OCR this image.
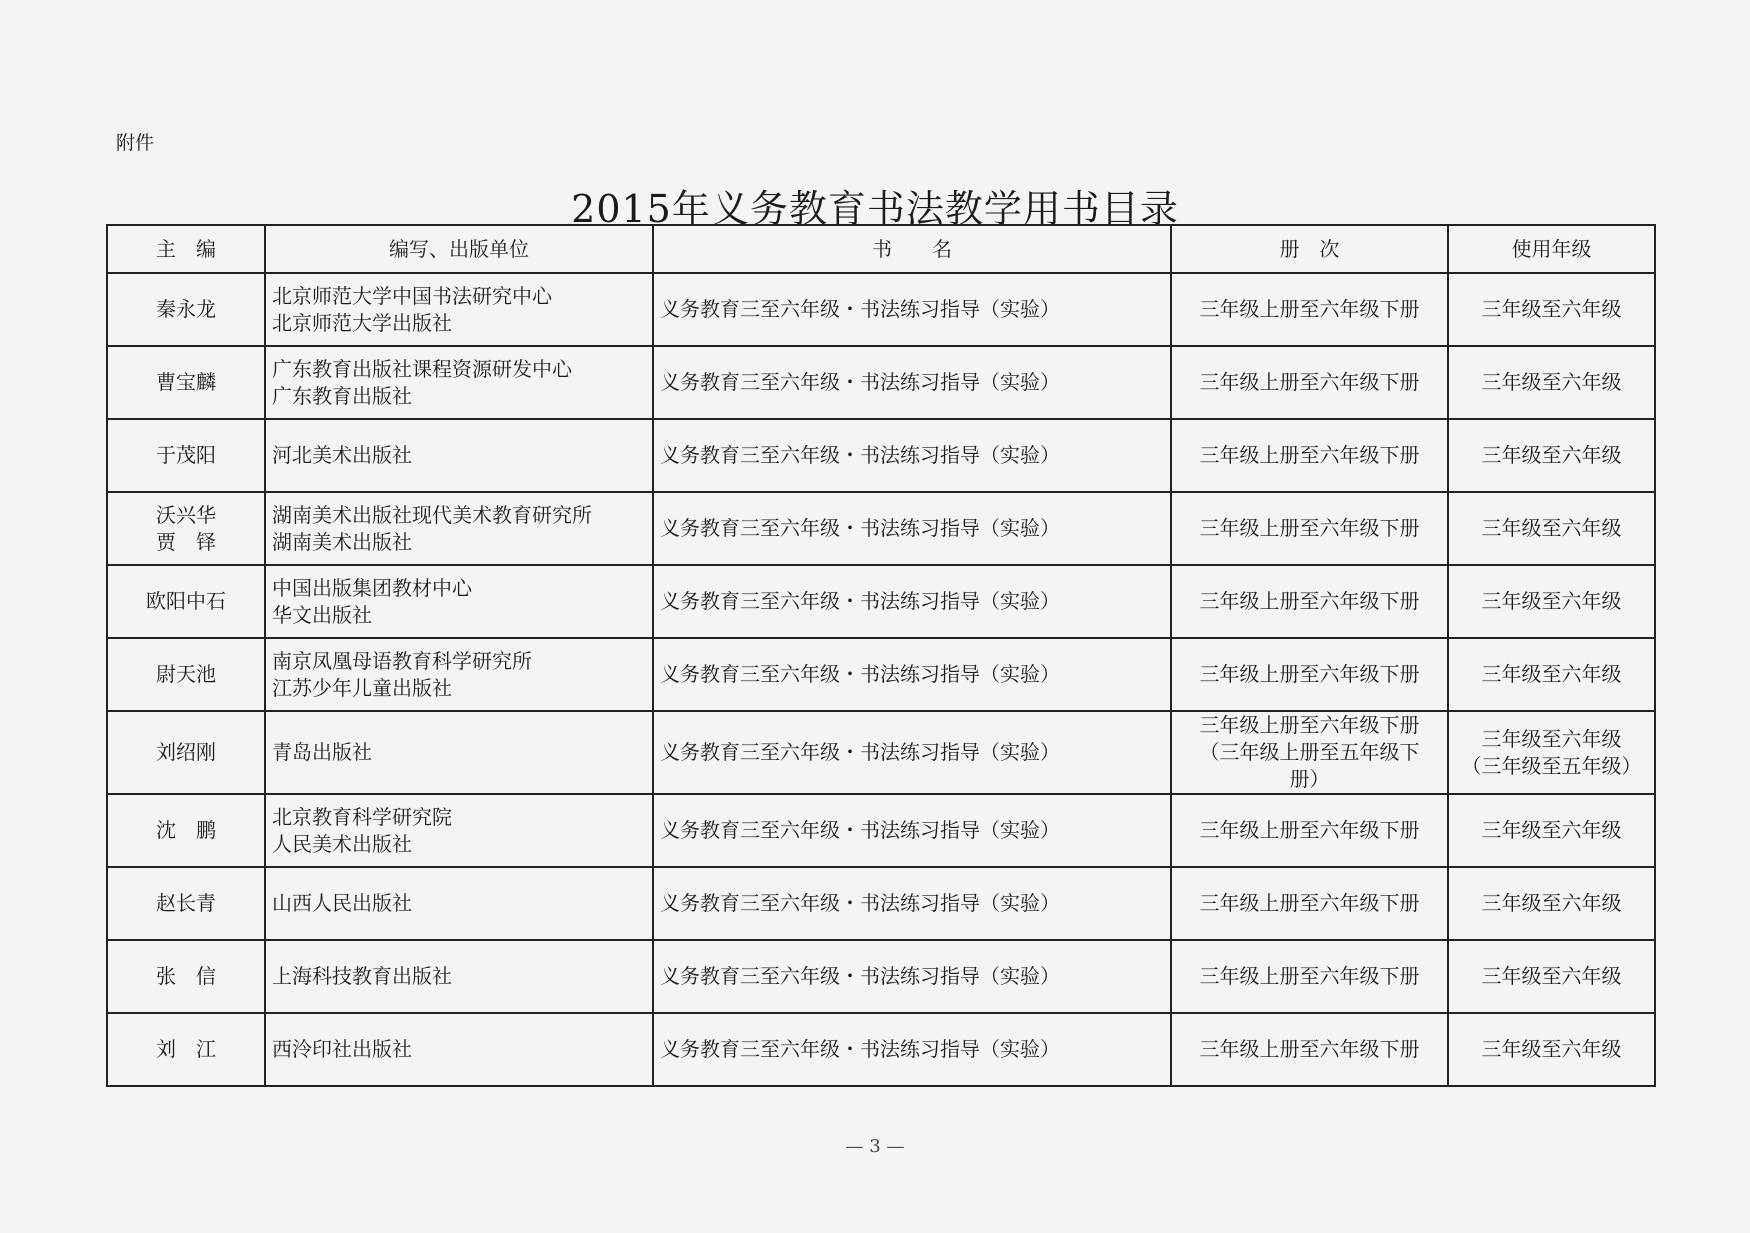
附件
2015年义务教育书法教学用书目录
主　编	编写、出版单位	书　　名	册　次	使用年级

秦永龙	北京师范大学中国书法研究中心
北京师范大学出版社	义务教育三至六年级・书法练习指导（实验）	三年级上册至六年级下册	三年级至六年级

曹宝麟	广东教育出版社课程资源研发中心
广东教育出版社	义务教育三至六年级・书法练习指导（实验）	三年级上册至六年级下册	三年级至六年级

于茂阳	河北美术出版社	义务教育三至六年级・书法练习指导（实验）	三年级上册至六年级下册	三年级至六年级

沃兴华
贾　铎	湖南美术出版社现代美术教育研究所
湖南美术出版社	义务教育三至六年级・书法练习指导（实验）	三年级上册至六年级下册	三年级至六年级

欧阳中石	中国出版集团教材中心
华文出版社	义务教育三至六年级・书法练习指导（实验）	三年级上册至六年级下册	三年级至六年级

尉天池	南京凤凰母语教育科学研究所
江苏少年儿童出版社	义务教育三至六年级・书法练习指导（实验）	三年级上册至六年级下册	三年级至六年级

刘绍刚	青岛出版社	义务教育三至六年级・书法练习指导（实验）	三年级上册至六年级下册
（三年级上册至五年级下
册）	三年级至六年级
（三年级至五年级）

沈　鹏	北京教育科学研究院
人民美术出版社	义务教育三至六年级・书法练习指导（实验）	三年级上册至六年级下册	三年级至六年级

赵长青	山西人民出版社	义务教育三至六年级・书法练习指导（实验）	三年级上册至六年级下册	三年级至六年级

张　信	上海科技教育出版社	义务教育三至六年级・书法练习指导（实验）	三年级上册至六年级下册	三年级至六年级

刘　江	西泠印社出版社	义务教育三至六年级・书法练习指导（实验）	三年级上册至六年级下册	三年级至六年级
— 3 —
